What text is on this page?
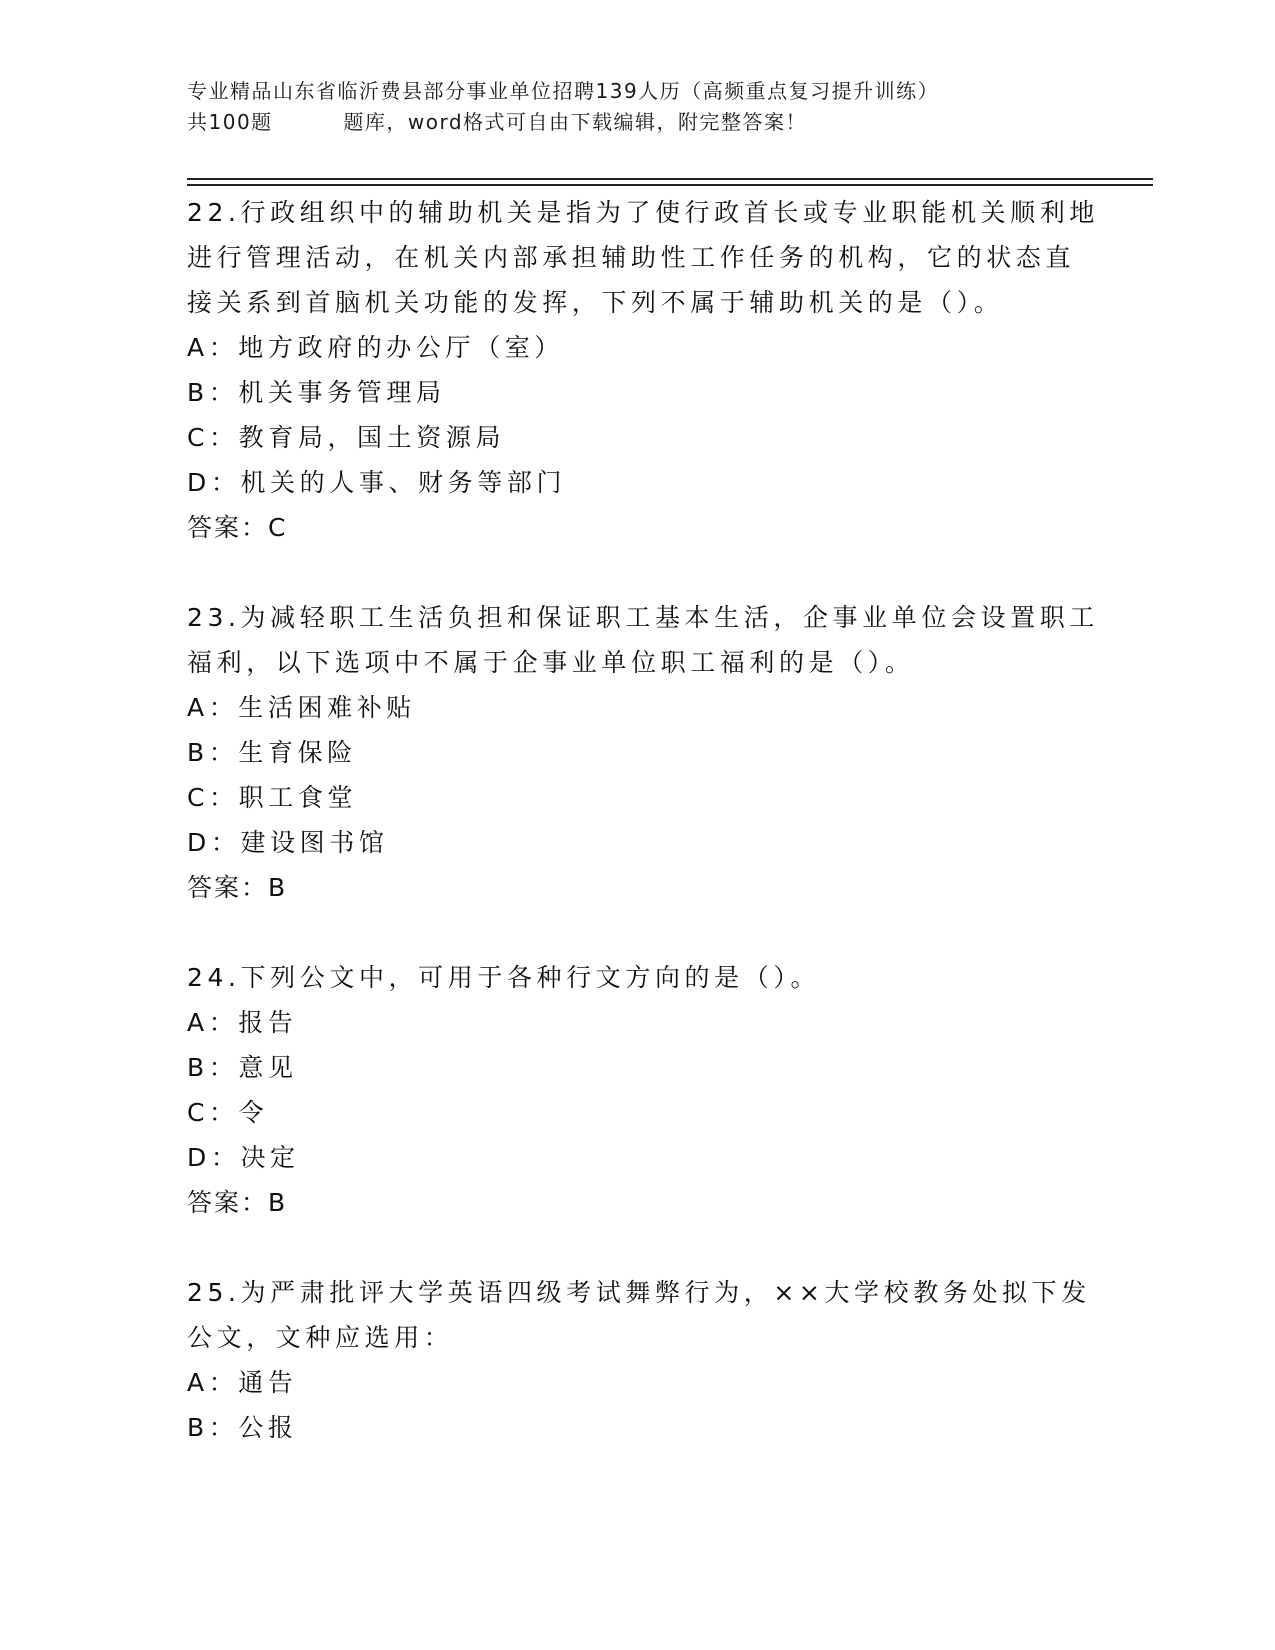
专业精品山东省临沂费县部分事业单位招聘139人历（高频重点复习提升训练）
共100题         题库，word格式可自由下载编辑，附完整答案！
22.行政组织中的辅助机关是指为了使行政首长或专业职能机关顺利地
进行管理活动，在机关内部承担辅助性工作任务的机构，它的状态直
接关系到首脑机关功能的发挥，下列不属于辅助机关的是（）。
A：地方政府的办公厅（室）
B：机关事务管理局
C：教育局，国土资源局
D：机关的人事、财务等部门
答案：C
23.为减轻职工生活负担和保证职工基本生活，企事业单位会设置职工
福利，以下选项中不属于企事业单位职工福利的是（）。
A：生活困难补贴
B：生育保险
C：职工食堂
D：建设图书馆
答案：B
24.下列公文中，可用于各种行文方向的是（）。
A：报告
B：意见
C：令
D：决定
答案：B
25.为严肃批评大学英语四级考试舞弊行为，××大学校教务处拟下发
公文，文种应选用：
A：通告
B：公报
